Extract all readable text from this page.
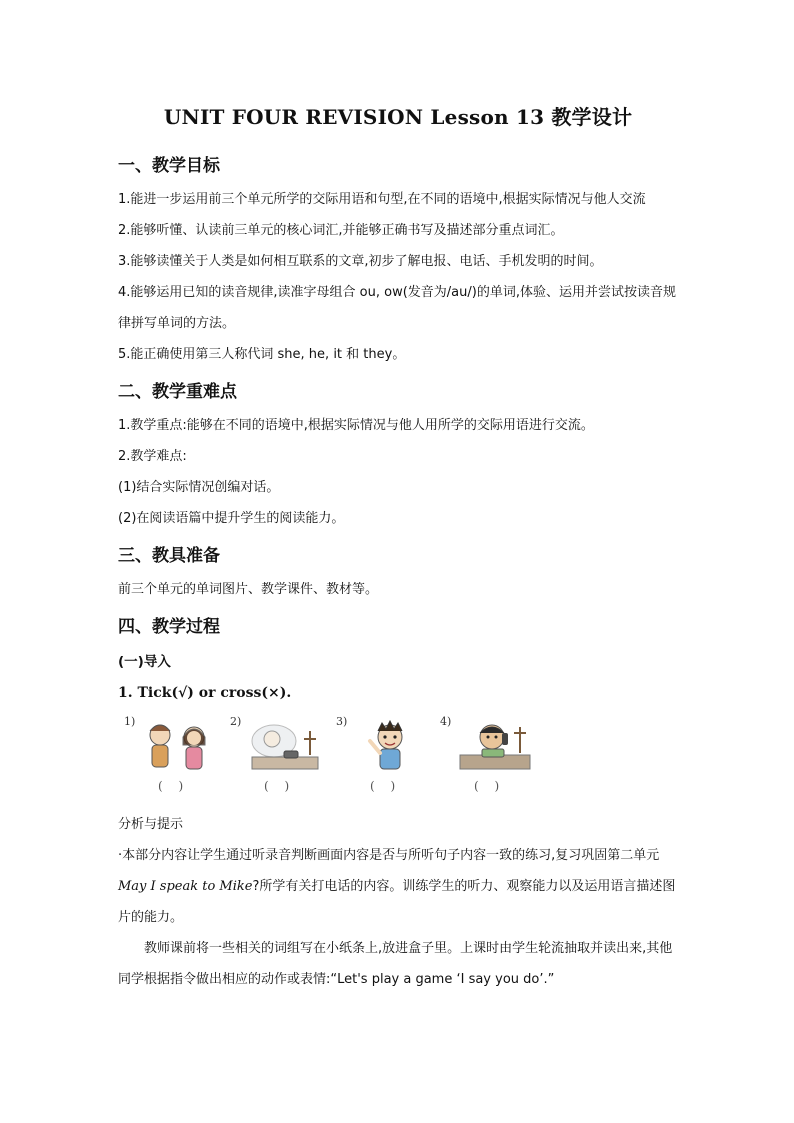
UNIT FOUR REVISION Lesson 13 教学设计
一、教学目标

1.能进一步运用前三个单元所学的交际用语和句型,在不同的语境中,根据实际情况与他人交流

2.能够听懂、认读前三单元的核心词汇,并能够正确书写及描述部分重点词汇。

3.能够读懂关于人类是如何相互联系的文章,初步了解电报、电话、手机发明的时间。

4.能够运用已知的读音规律,读准字母组合 ou, ow(发音为/au/)的单词,体验、运用并尝试按读音规律拼写单词的方法。

5.能正确使用第三人称代词 she, he, it 和 they。

二、教学重难点

1.教学重点:能够在不同的语境中,根据实际情况与他人用所学的交际用语进行交流。

2.教学难点:

(1)结合实际情况创编对话。

(2)在阅读语篇中提升学生的阅读能力。

三、教具准备

前三个单元的单词图片、教学课件、教材等。

四、教学过程

(一)导入

1. Tick(√) or cross(×).

1)
( )
2)
( )
3)
( )
4)
( )

分析与提示

·本部分内容让学生通过听录音判断画面内容是否与所听句子内容一致的练习,复习巩固第二单元 May I speak to Mike?所学有关打电话的内容。训练学生的听力、观察能力以及运用语言描述图片的能力。

教师课前将一些相关的词组写在小纸条上,放进盒子里。上课时由学生轮流抽取并读出来,其他同学根据指令做出相应的动作或表情:“Let's play a game ‘I say you do’.”
